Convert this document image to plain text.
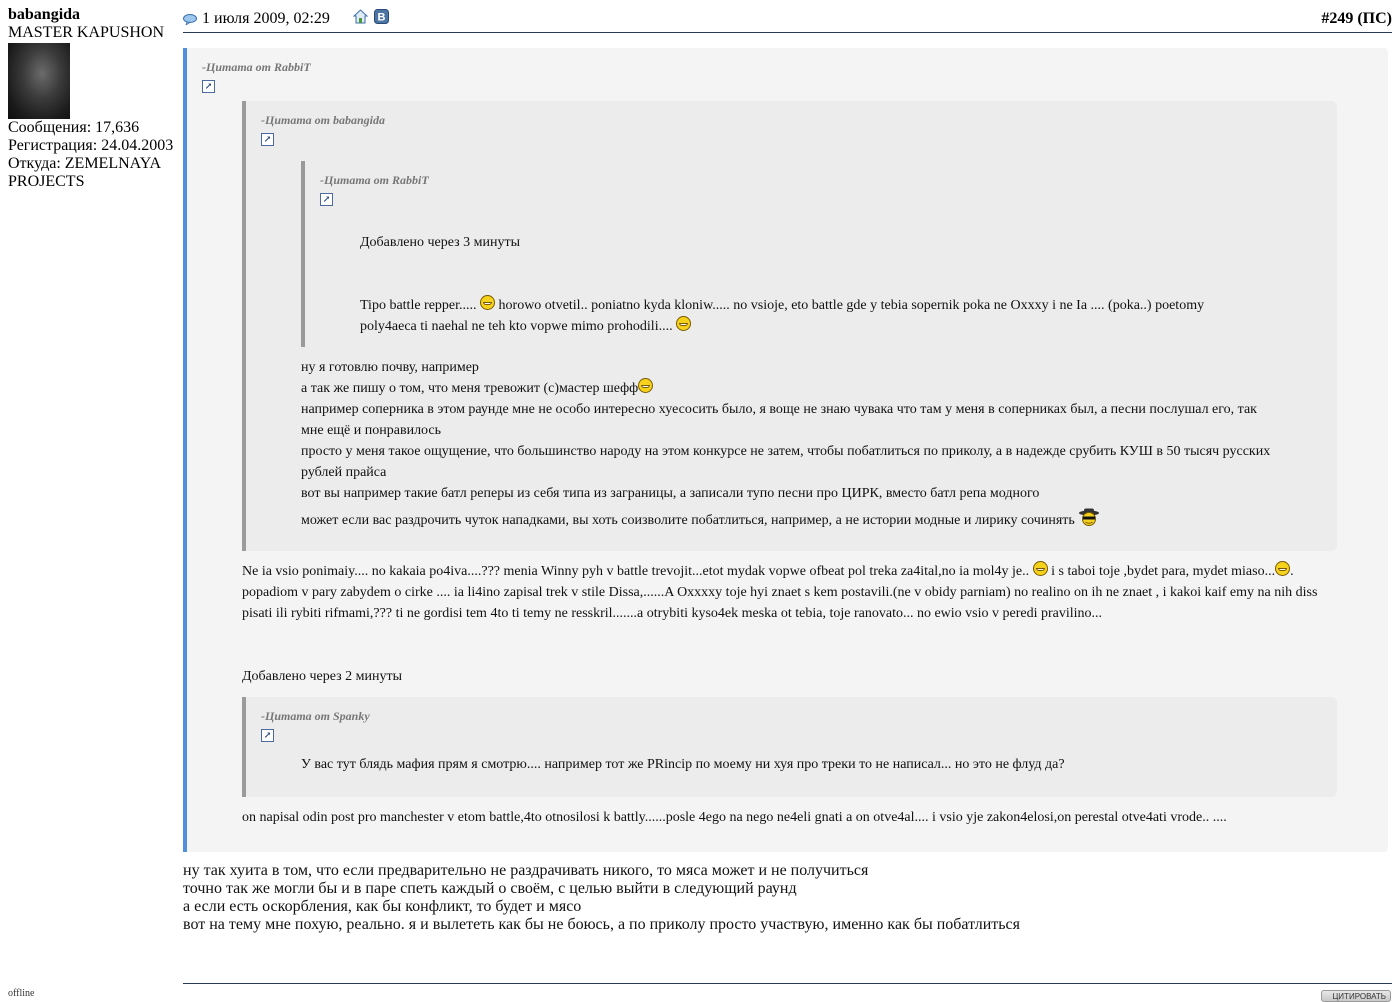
babangida
MASTER KAPUSHON
Сообщения: 17,636
Регистрация: 24.04.2003
Откуда: ZEMELNAYA
PROJECTS
offline
1 июля 2009, 02:29	В	#249 (ПС)
-Цитата от RabbiT
↗
-Цитата от babangida
↗
-Цитата от RabbiT
↗
Добавлено через 3 минуты
Tipo battle repper.....  horowo otvetil.. poniatno kyda kloniw..... no vsioje, eto battle gde y tebia sopernik poka ne Oxxxy i ne Ia .... (poka..) poetomy
poly4aeca ti naehal ne teh kto vopwe mimo prohodili....
ну я готовлю почву, например
а так же пишу о том, что меня тревожит (с)мастер шефф
например соперника в этом раунде мне не особо интересно хуесосить было, я воще не знаю чувака что там у меня в соперниках был, а песни послушал его, так
мне ещё и понравилось
просто у меня такое ощущение, что большинство народу на этом конкурсе не затем, чтобы побатлиться по приколу, а в надежде срубить КУШ в 50 тысяч русских
рублей прайса
вот вы например такие батл реперы из себя типа из заграницы, а записали тупо песни про ЦИРК, вместо батл репа модного
может если вас раздрочить чуток нападками, вы хоть соизволите побатлиться, например, а не истории модные и лирику сочинять
Ne ia vsio ponimaiy.... no kakaia po4iva....??? menia Winny pyh v battle trevojit...etot mydak vopwe ofbeat pol treka za4ital,no ia mol4y je..  i s taboi toje ,bydet para, mydet miaso... .
popadiom v pary zabydem o cirke .... ia li4ino zapisal trek v stile Dissa,......A Oxxxxy toje hyi znaet s kem postavili.(ne v obidy parniam) no realino on ih ne znaet , i kakoi kaif emy na nih diss
pisati ili rybiti rifmami,??? ti ne gordisi tem 4to ti temy ne resskril.......a otrybiti kyso4ek meska ot tebia, toje ranovato... no ewio vsio v peredi pravilino...
Добавлено через 2 минуты
-Цитата от Spanky
↗
У вас тут блядь мафия прям я смотрю.... например тот же PRincip по моему ни хуя про треки то не написал... но это не флуд да?
on napisal odin post pro manchester v etom battle,4to otnosilosi k battly......posle 4ego na nego ne4eli gnati a on otve4al.... i vsio yje zakon4elosi,on perestal otve4ati vrode.. ....
ну так хуита в том, что если предварительно не раздрачивать никого, то мяса может и не получиться
точно так же могли бы и в паре спеть каждый о своём, с целью выйти в следующий раунд
а если есть оскорбления, как бы конфликт, то будет и мясо
вот на тему мне похую, реально. я и вылететь как бы не боюсь, а по приколу просто участвую, именно как бы побатлиться
ЦИТИРОВАТЬ
